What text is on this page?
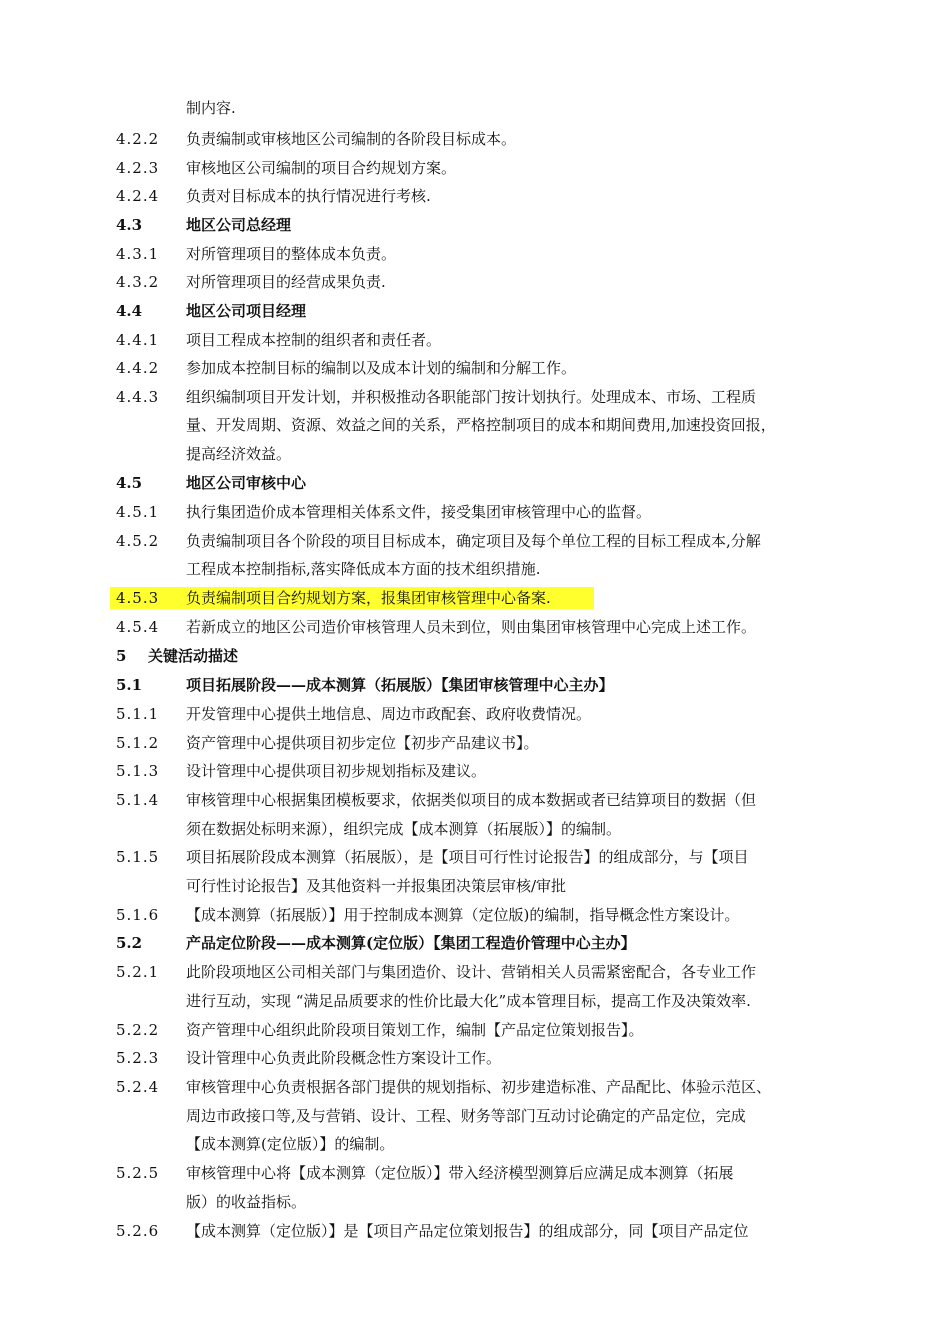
制内容.
4.2.2 负责编制或审核地区公司编制的各阶段目标成本。
4.2.3 审核地区公司编制的项目合约规划方案。
4.2.4 负责对目标成本的执行情况进行考核.
4.3	地区公司总经理
4.3.1 对所管理项目的整体成本负责。
4.3.2 对所管理项目的经营成果负责.
4.4	地区公司项目经理
4.4.1 项目工程成本控制的组织者和责任者。
4.4.2 参加成本控制目标的编制以及成本计划的编制和分解工作。
4.4.3 组织编制项目开发计划，并积极推动各职能部门按计划执行。处理成本、市场、工程质
量、开发周期、资源、效益之间的关系，严格控制项目的成本和期间费用,加速投资回报，
提高经济效益。
4.5	地区公司审核中心
4.5.1 执行集团造价成本管理相关体系文件，接受集团审核管理中心的监督。
4.5.2 负责编制项目各个阶段的项目目标成本，确定项目及每个单位工程的目标工程成本,分解
工程成本控制指标,落实降低成本方面的技术组织措施.
4.5.3 负责编制项目合约规划方案，报集团审核管理中心备案.
4.5.4 若新成立的地区公司造价审核管理人员未到位，则由集团审核管理中心完成上述工作。
5 关键活动描述
5.1	项目拓展阶段——成本测算（拓展版）【集团审核管理中心主办】
5.1.1 开发管理中心提供土地信息、周边市政配套、政府收费情况。
5.1.2 资产管理中心提供项目初步定位【初步产品建议书】。
5.1.3 设计管理中心提供项目初步规划指标及建议。
5.1.4 审核管理中心根据集团模板要求，依据类似项目的成本数据或者已结算项目的数据（但
须在数据处标明来源），组织完成【成本测算（拓展版）】的编制。
5.1.5 项目拓展阶段成本测算（拓展版），是【项目可行性讨论报告】的组成部分，与【项目
可行性讨论报告】及其他资料一并报集团决策层审核/审批
5.1.6 【成本测算（拓展版）】用于控制成本测算（定位版)的编制，指导概念性方案设计。
5.2	产品定位阶段——成本测算(定位版）【集团工程造价管理中心主办】
5.2.1 此阶段项地区公司相关部门与集团造价、设计、营销相关人员需紧密配合，各专业工作
进行互动，实现 “满足品质要求的性价比最大化”成本管理目标，提高工作及决策效率.
5.2.2 资产管理中心组织此阶段项目策划工作，编制【产品定位策划报告】。
5.2.3 设计管理中心负责此阶段概念性方案设计工作。
5.2.4 审核管理中心负责根据各部门提供的规划指标、初步建造标准、产品配比、体验示范区、
周边市政接口等,及与营销、设计、工程、财务等部门互动讨论确定的产品定位，完成
【成本测算(定位版）】的编制。
5.2.5 审核管理中心将【成本测算（定位版）】带入经济模型测算后应满足成本测算（拓展
版）的收益指标。
5.2.6 【成本测算（定位版）】是【项目产品定位策划报告】的组成部分，同【项目产品定位
